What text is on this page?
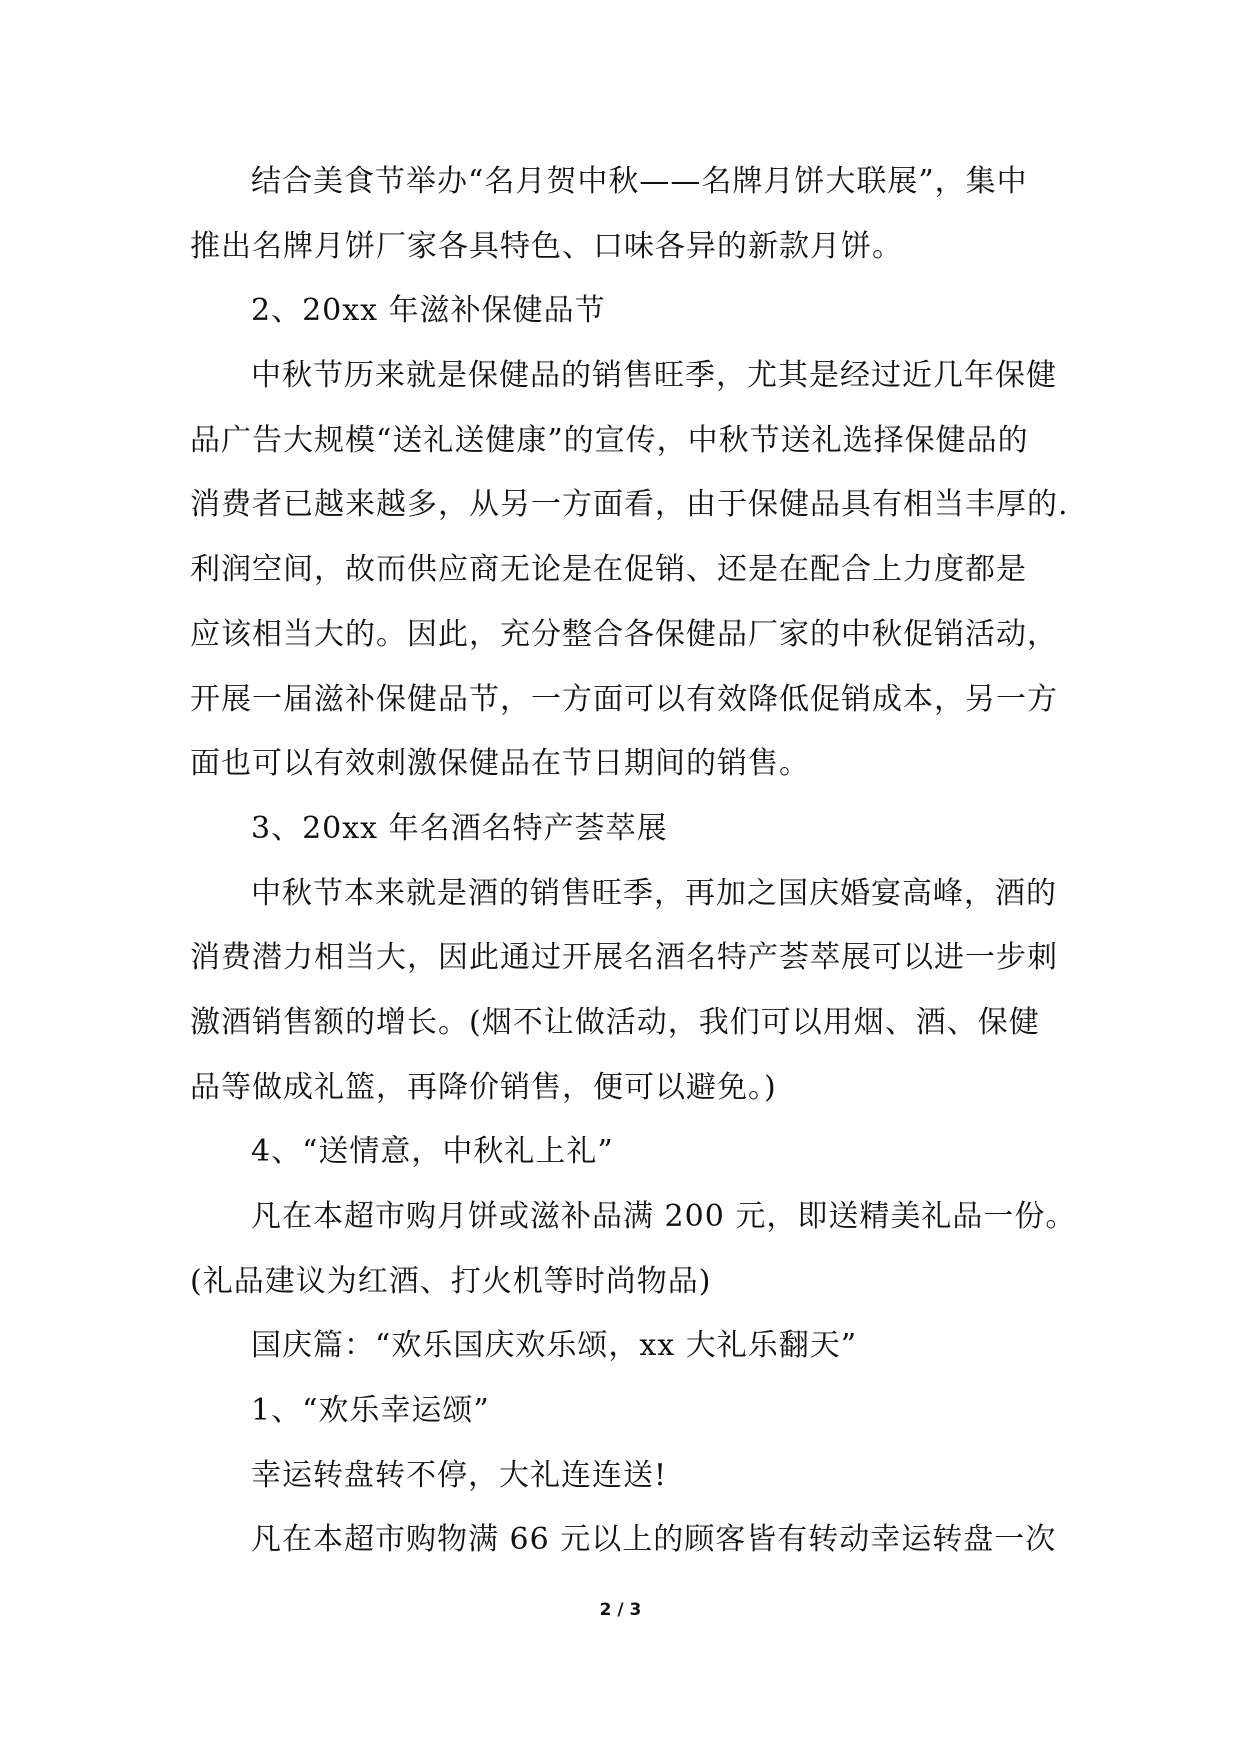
结合美食节举办“名月贺中秋——名牌月饼大联展”，集中
推出名牌月饼厂家各具特色、口味各异的新款月饼。
2、20xx 年滋补保健品节
中秋节历来就是保健品的销售旺季，尤其是经过近几年保健
品广告大规模“送礼送健康”的宣传，中秋节送礼选择保健品的
消费者已越来越多，从另一方面看，由于保健品具有相当丰厚的.
利润空间，故而供应商无论是在促销、还是在配合上力度都是
应该相当大的。因此，充分整合各保健品厂家的中秋促销活动，
开展一届滋补保健品节，一方面可以有效降低促销成本，另一方
面也可以有效刺激保健品在节日期间的销售。
3、20xx 年名酒名特产荟萃展
中秋节本来就是酒的销售旺季，再加之国庆婚宴高峰，酒的
消费潜力相当大，因此通过开展名酒名特产荟萃展可以进一步刺
激酒销售额的增长。(烟不让做活动，我们可以用烟、酒、保健
品等做成礼篮，再降价销售，便可以避免。)
4、“送情意，中秋礼上礼”
凡在本超市购月饼或滋补品满 200 元，即送精美礼品一份。
(礼品建议为红酒、打火机等时尚物品)
国庆篇：“欢乐国庆欢乐颂，xx 大礼乐翻天”
1、“欢乐幸运颂”
幸运转盘转不停，大礼连连送!
凡在本超市购物满 66 元以上的顾客皆有转动幸运转盘一次
2 / 3
